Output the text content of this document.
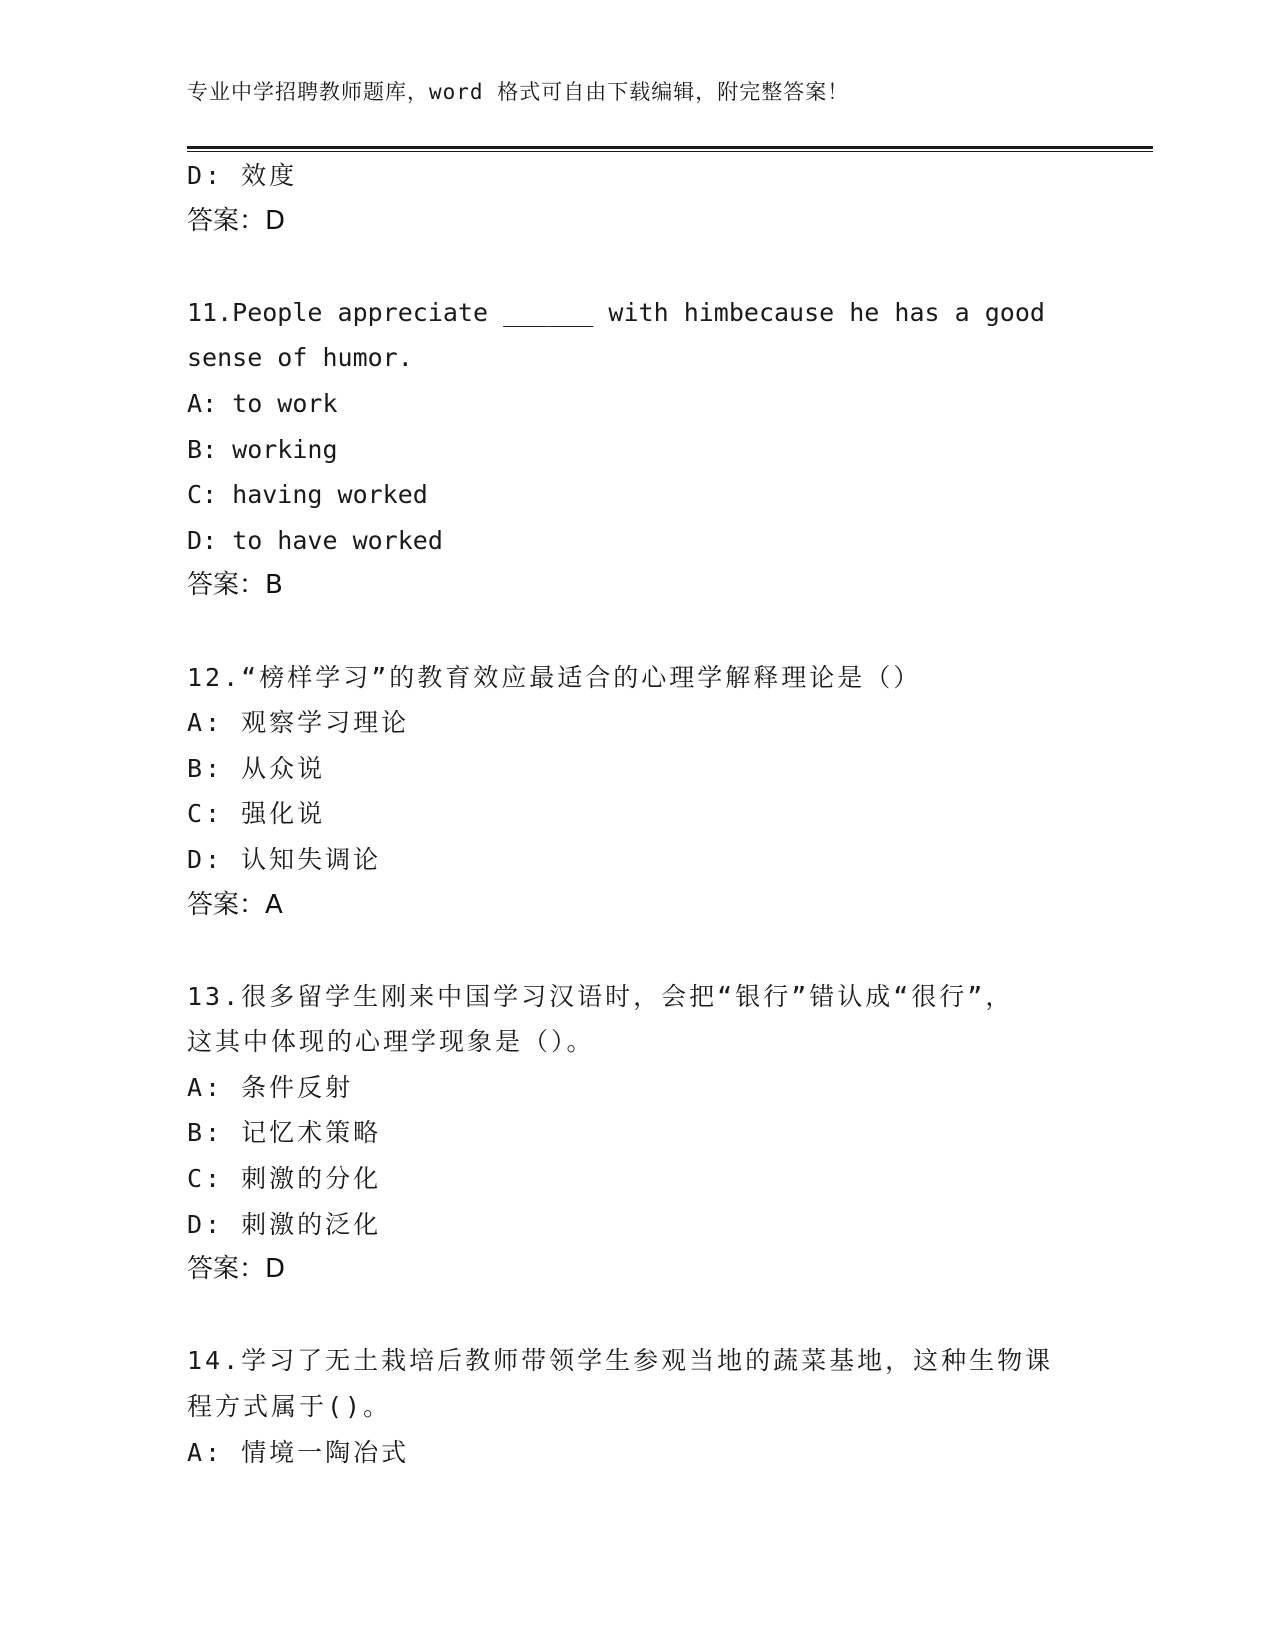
专业中学招聘教师题库，word 格式可自由下载编辑，附完整答案！
D: 效度
答案：D
11.People appreciate ______ with himbecause he has a good
sense of humor.
A: to work
B: working
C: having worked
D: to have worked
答案：B
12.“榜样学习”的教育效应最适合的心理学解释理论是（）
A: 观察学习理论
B: 从众说
C: 强化说
D: 认知失调论
答案：A
13.很多留学生刚来中国学习汉语时，会把“银行”错认成“很行”，
这其中体现的心理学现象是（）。
A: 条件反射
B: 记忆术策略
C: 刺激的分化
D: 刺激的泛化
答案：D
14.学习了无土栽培后教师带领学生参观当地的蔬菜基地，这种生物课
程方式属于()。
A: 情境一陶冶式
